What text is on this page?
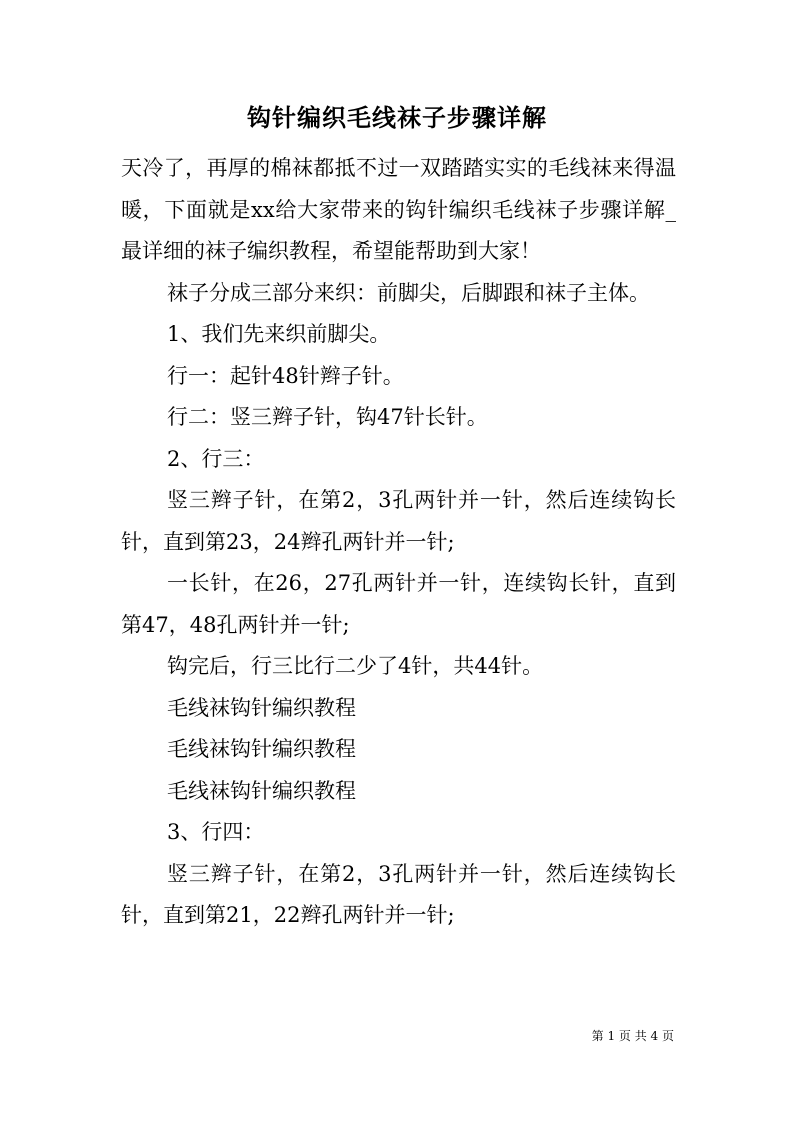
钩针编织毛线袜子步骤详解

天冷了，再厚的棉袜都抵不过一双踏踏实实的毛线袜来得温暖，下面就是xx给大家带来的钩针编织毛线袜子步骤详解_最详细的袜子编织教程，希望能帮助到大家！

袜子分成三部分来织：前脚尖，后脚跟和袜子主体。

1、我们先来织前脚尖。

行一：起针48针辫子针。

行二：竖三辫子针，钩47针长针。

2、行三：

竖三辫子针，在第2，3孔两针并一针，然后连续钩长针，直到第23，24辫孔两针并一针;

一长针，在26，27孔两针并一针，连续钩长针，直到第47，48孔两针并一针;

钩完后，行三比行二少了4针，共44针。

毛线袜钩针编织教程

毛线袜钩针编织教程

毛线袜钩针编织教程

3、行四：

竖三辫子针，在第2，3孔两针并一针，然后连续钩长针，直到第21，22辫孔两针并一针;

第 1 页 共 4 页
